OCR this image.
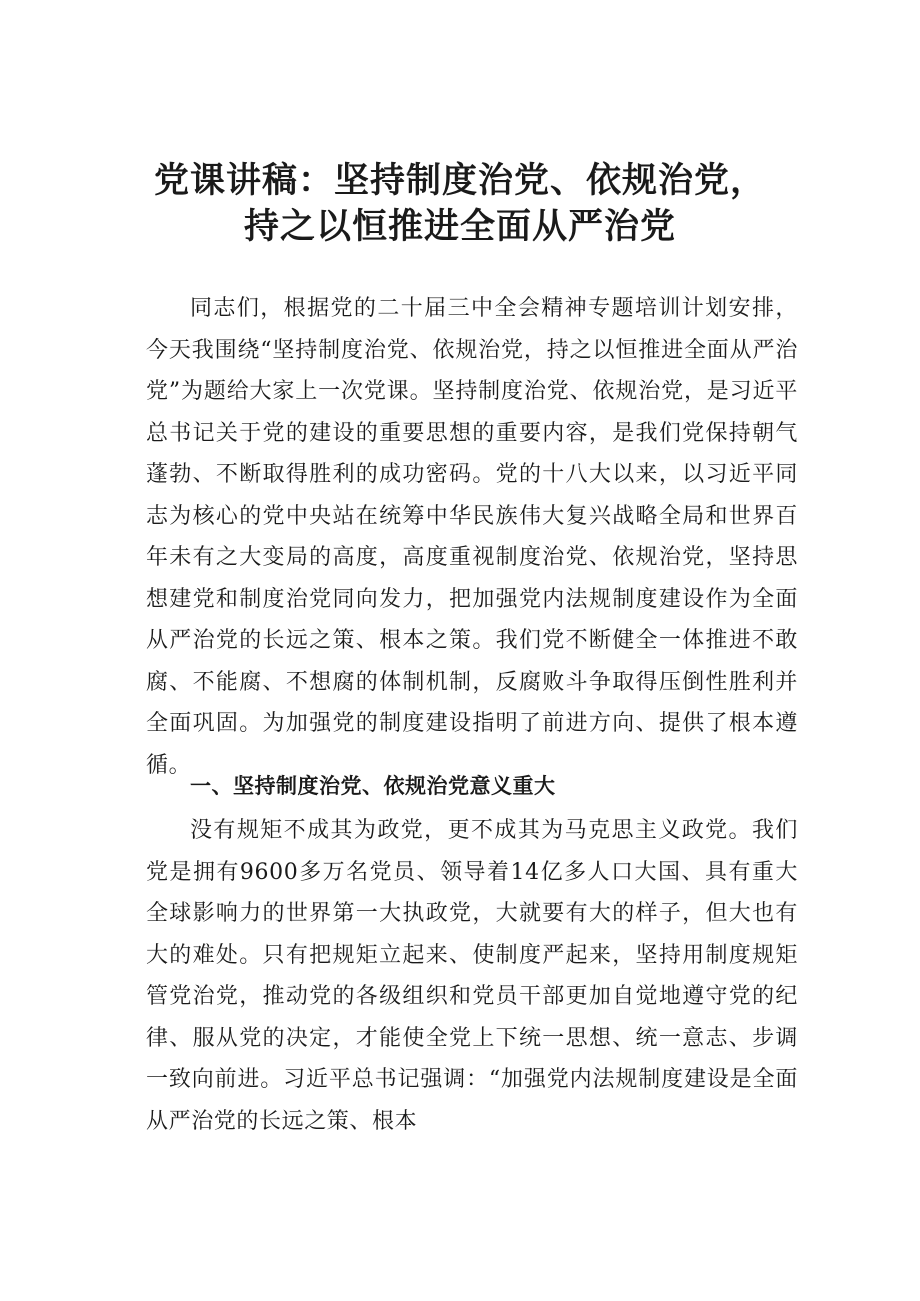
党课讲稿：坚持制度治党、依规治党，
持之以恒推进全面从严治党

同志们，根据党的二十届三中全会精神专题培训计划安排，今天我围绕“坚持制度治党、依规治党，持之以恒推进全面从严治党”为题给大家上一次党课。坚持制度治党、依规治党，是习近平总书记关于党的建设的重要思想的重要内容，是我们党保持朝气蓬勃、不断取得胜利的成功密码。党的十八大以来，以习近平同志为核心的党中央站在统筹中华民族伟大复兴战略全局和世界百年未有之大变局的高度，高度重视制度治党、依规治党，坚持思想建党和制度治党同向发力，把加强党内法规制度建设作为全面从严治党的长远之策、根本之策。我们党不断健全一体推进不敢腐、不能腐、不想腐的体制机制，反腐败斗争取得压倒性胜利并全面巩固。为加强党的制度建设指明了前进方向、提供了根本遵循。

一、坚持制度治党、依规治党意义重大

没有规矩不成其为政党，更不成其为马克思主义政党。我们党是拥有9600多万名党员、领导着14亿多人口大国、具有重大全球影响力的世界第一大执政党，大就要有大的样子，但大也有大的难处。只有把规矩立起来、使制度严起来，坚持用制度规矩管党治党，推动党的各级组织和党员干部更加自觉地遵守党的纪律、服从党的决定，才能使全党上下统一思想、统一意志、步调一致向前进。习近平总书记强调：“加强党内法规制度建设是全面从严治党的长远之策、根本
